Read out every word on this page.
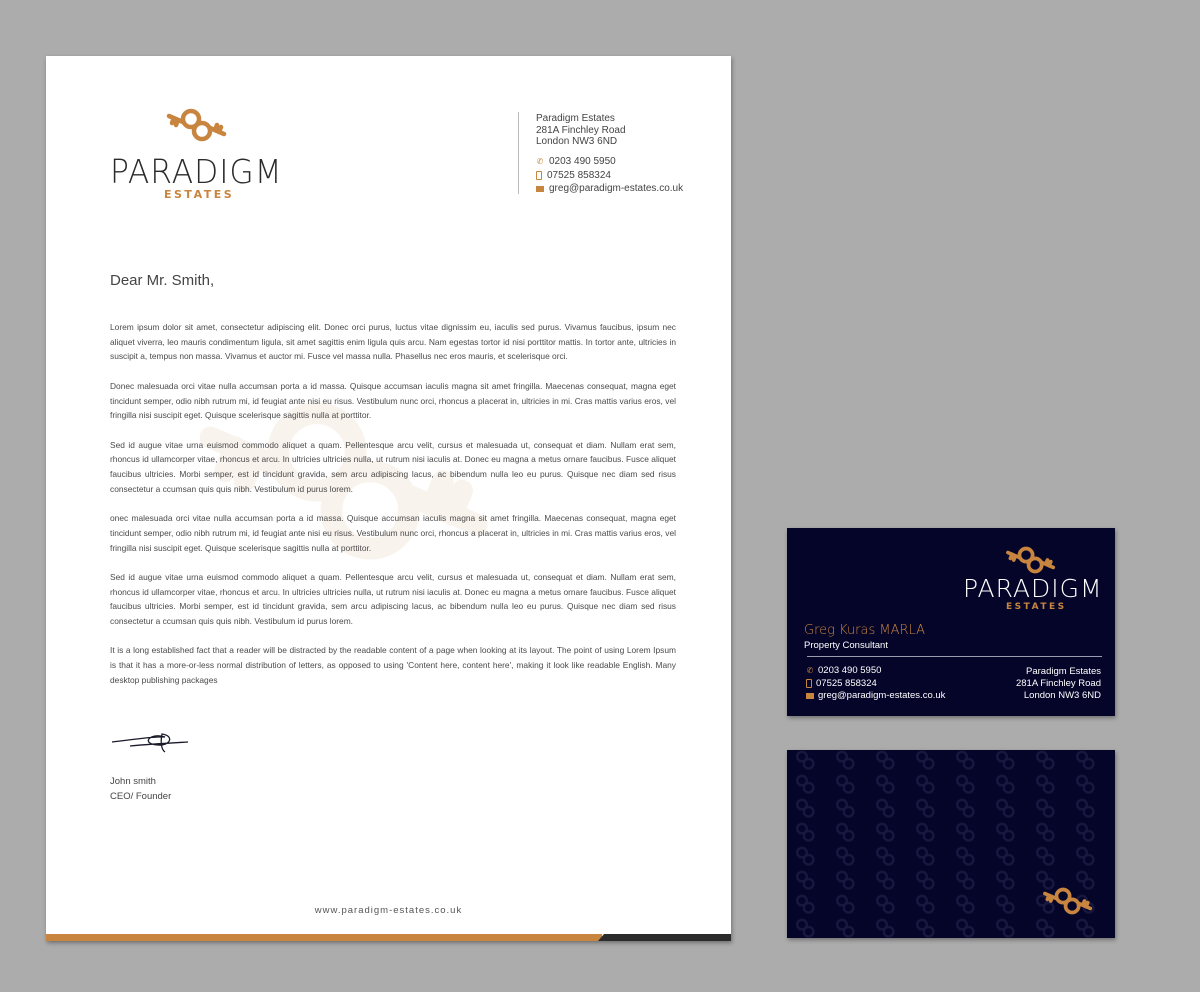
PARADIGM
ESTATES
Paradigm Estates
281A Finchley Road
London NW3 6ND
✆ 0203 490 5950
07525 858324
greg@paradigm-estates.co.uk
Dear Mr. Smith,

Lorem ipsum dolor sit amet, consectetur adipiscing elit. Donec orci purus, luctus vitae dignissim eu, iaculis sed purus. Vivamus faucibus, ipsum nec aliquet viverra, leo mauris condimentum ligula, sit amet sagittis enim ligula quis arcu. Nam egestas tortor id nisi porttitor mattis. In tortor ante, ultricies in suscipit a, tempus non massa. Vivamus et auctor mi. Fusce vel massa nulla. Phasellus nec eros mauris, et scelerisque orci.

Donec malesuada orci vitae nulla accumsan porta a id massa. Quisque accumsan iaculis magna sit amet fringilla. Maecenas consequat, magna eget tincidunt semper, odio nibh rutrum mi, id feugiat ante nisi eu risus. Vestibulum nunc orci, rhoncus a placerat in, ultricies in mi. Cras mattis varius eros, vel fringilla nisi suscipit eget. Quisque scelerisque sagittis nulla at porttitor.

Sed id augue vitae urna euismod commodo aliquet a quam. Pellentesque arcu velit, cursus et malesuada ut, consequat et diam. Nullam erat sem, rhoncus id ullamcorper vitae, rhoncus et arcu. In ultricies ultricies nulla, ut rutrum nisi iaculis at. Donec eu magna a metus ornare faucibus. Fusce aliquet faucibus ultricies. Morbi semper, est id tincidunt gravida, sem arcu adipiscing lacus, ac bibendum nulla leo eu purus. Quisque nec diam sed risus consectetur a ccumsan quis quis nibh. Vestibulum id purus lorem.

onec malesuada orci vitae nulla accumsan porta a id massa. Quisque accumsan iaculis magna sit amet fringilla. Maecenas consequat, magna eget tincidunt semper, odio nibh rutrum mi, id feugiat ante nisi eu risus. Vestibulum nunc orci, rhoncus a placerat in, ultricies in mi. Cras mattis varius eros, vel fringilla nisi suscipit eget. Quisque scelerisque sagittis nulla at porttitor.

Sed id augue vitae urna euismod commodo aliquet a quam. Pellentesque arcu velit, cursus et malesuada ut, consequat et diam. Nullam erat sem, rhoncus id ullamcorper vitae, rhoncus et arcu. In ultricies ultricies nulla, ut rutrum nisi iaculis at. Donec eu magna a metus ornare faucibus. Fusce aliquet faucibus ultricies. Morbi semper, est id tincidunt gravida, sem arcu adipiscing lacus, ac bibendum nulla leo eu purus. Quisque nec diam sed risus consectetur a ccumsan quis quis nibh. Vestibulum id purus lorem.

It is a long established fact that a reader will be distracted by the readable content of a page when looking at its layout. The point of using Lorem Ipsum is that it has a more-or-less normal distribution of letters, as opposed to using 'Content here, content here', making it look like readable English. Many desktop publishing packages

John smith
CEO/ Founder
www.paradigm-estates.co.uk
PARADIGM
ESTATES
Greg Kuras MARLA
Property Consultant
✆ 0203 490 5950
07525 858324
greg@paradigm-estates.co.uk
Paradigm Estates
281A Finchley Road
London NW3 6ND
